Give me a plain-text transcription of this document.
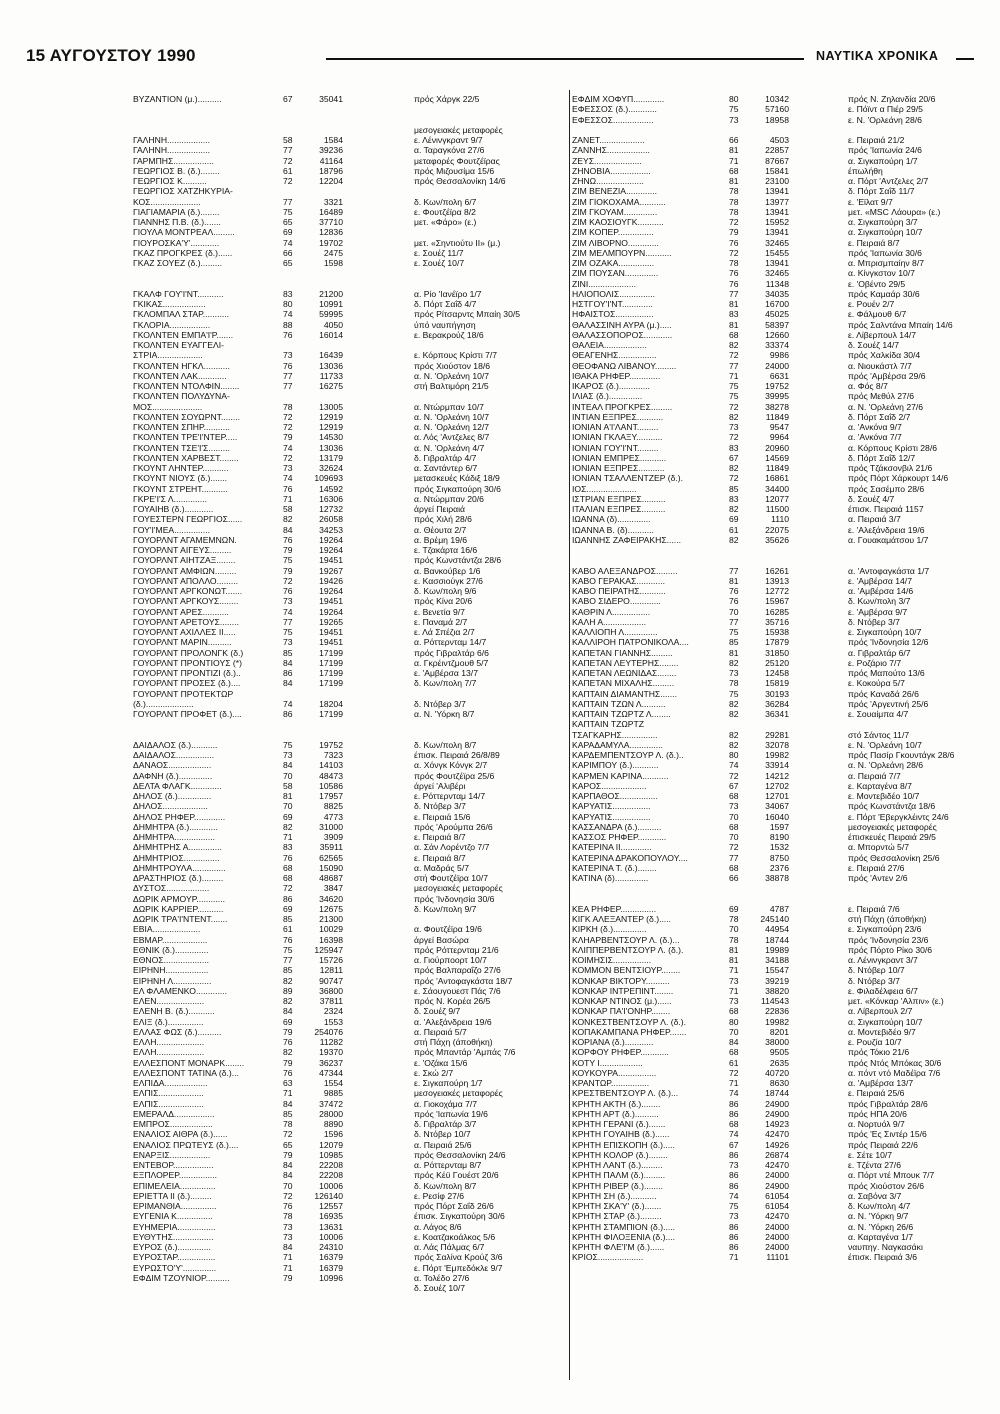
15 ΑΥΓΟΥΣΤΟΥ 1990	ΝΑΥΤΙΚΑ ΧΡΟΝΙΚΑ
ΒΥΖΑΝΤΙΟΝ (μ.)..........	67	35041	πρός Χάργκ 22/5
μεσογειακές μεταφορές
ΓΑΛΗΝΗ..................	58	1584	ε. Λένινγκραντ 9/7
ΓΑΛΗΝΗ..................	77	39236	α. Ταραγκόνα 27/6
ΓΑΡΜΠΗΣ.................	72	41164	μεταφορές Φουτζέϊρας
ΓΕΩΡΓΙΟΣ Β. (δ.)........	61	18796	πρός Μιζουσίμα 15/6
ΓΕΩΡΓΙΟΣ Κ..........	72	12204	πρός Θεσσαλονίκη 14/6
ΓΕΩΡΓΙΟΣ ΧΑΤΖΗΚΥΡΙΑ-
ΚΟΣ.....................	77	3321	δ. Κων/πολη 6/7
ΓΙΑΓΙΑΜΑΡΙΑ (δ.)........	75	16489	ε. Φουτζέϊρα 8/2
ΓΙΑΝΝΗΣ Π.Β. (δ.).......	65	37710	μετ. «Φάρο» (ε.)
ΓΙΟΥΛΑ ΜΟΝΤΡΕΑΛ.........	69	12836
ΓΙΟΥΡΟΣΚΑ'Υ'............	74	19702	μετ. «Σηντιούτυ ΙΙ» (μ.)
ΓΚΑΖ ΠΡΟΓΚΡΕΣ (δ.)......	66	2475	ε. Σουέζ 11/7
ΓΚΑΖ ΣΟΥΕΖ (δ.).........	65	1598	ε. Σουέζ 10/7
ΓΚΑΛΦ ΓΟΥ'Ι'ΝΤ...........	83	21200	α. Ρίο 'Ιανέϊρο 1/7
ΓΚΙΚΑΣ..................	80	10991	δ. Πόρτ Σαΐδ 4/7
ΓΚΛΟΜΠΑΛ ΣΤΑΡ...........	74	59995	πρός Ρίτσαρντς Μπαίη 30/5
ΓΚΛΟΡΙΑ.................	88	4050	ύπό ναυπήγηση
ΓΚΟΛΝΤΕΝ ΕΜΠΑ'Ι'Ρ.......	76	16014	ε. Βερακρούζ 18/6
ΓΚΟΛΝΤΕΝ ΕΥΑΓΓΕΛΙ-
ΣΤΡΙΑ...................	73	16439	ε. Κόρπους Κρίστι 7/7
ΓΚΟΛΝΤΕΝ ΗΓΚΛ...........	76	13036	πρός Χιούστον 18/6
ΓΚΟΛΝΤΕΝ ΛΑΚ............	77	11733	α. Ν. 'Ορλεάνη 10/7
ΓΚΟΛΝΤΕΝ ΝΤΟΛΦΙΝ........	77	16275	στή Βαλτιμόρη 21/5
ΓΚΟΛΝΤΕΝ ΠΟΛΥΔΥΝΑ-
ΜΟΣ.....................	78	13005	α. Ντώρμπαν 10/7
ΓΚΟΛΝΤΕΝ ΣΟΥΩΡΝΤ........	72	12919	α. Ν. 'Ορλεάνη 10/7
ΓΚΟΛΝΤΕΝ ΣΠΗΡ...........	72	12919	α. Ν. 'Ορλεάνη 12/7
ΓΚΟΛΝΤΕΝ ΤΡΕ'Ι'ΝΤΕΡ.....	79	14530	α. Λός 'Αντζελες 8/7
ΓΚΟΛΝΤΕΝ ΤΣΕ'Ι'Σ.........	74	13036	α. Ν. 'Ορλεάνη 4/7
ΓΚΟΛΝΤΕΝ ΧΑΡΒΕΣΤ........	72	13179	δ. Γιβραλτάρ 4/7
ΓΚΟΥΝΤ ΛΗΝΤΕΡ...........	73	32624	α. Σαντάντερ 6/7
ΓΚΟΥΝΤ ΝΙΟΥΣ (δ.).......	74	109693	μετασκευές Κάδιξ 18/9
ΓΚΟΥΝΤ ΣΤΡΕΗΤ...........	76	14592	πρός Σιγκαπούρη 30/6
ΓΚΡΕ'Ι'Σ Λ..............	71	16306	α. Ντώρμπαν 20/6
ΓΟΥΑΙΗΒ (δ.)............	58	12732	άργεί Πειραιά
ΓΟΥΕΣΤΕΡΝ ΓΕΩΡΓΙΟΣ......	82	26058	πρός Χιλή 28/6
ΓΟΥ'Ι'ΜΕΑ...............	84	34253	α. Θέουτα 2/7
ΓΟΥΟΡΛΝΤ ΑΓΑΜΕΜΝΩΝ.	76	19264	α. Βρέμη 19/6
ΓΟΥΟΡΛΝΤ ΑΙΓΕΥΣ.........	79	19264	ε. Τζακάρτα 16/6
ΓΟΥΟΡΛΝΤ ΑΙΗΤΖΑΞ........	75	19451	πρός Κωνστάντζα 28/6
ΓΟΥΟΡΛΝΤ ΑΜΦΙΩΝ.........	79	19267	α. Βανκούβερ 1/6
ΓΟΥΟΡΛΝΤ ΑΠΟΛΛΟ.........	72	19426	ε. Κασσιούγκ 27/6
ΓΟΥΟΡΛΝΤ ΑΡΓΚΟΝΩΤ.......	76	19264	δ. Κων/πολη 9/6
ΓΟΥΟΡΛΝΤ ΑΡΓΚΟΥΣ........	73	19451	πρός Κίνα 20/6
ΓΟΥΟΡΛΝΤ ΑΡΕΣ...........	74	19264	ε. Βενετία 9/7
ΓΟΥΟΡΛΝΤ ΑΡΕΤΟΥΣ........	77	19265	ε. Παναμά 2/7
ΓΟΥΟΡΛΝΤ ΑΧΙΛΛΕΣ ΙΙ.....	75	19451	ε. Λά Σπέζια 2/7
ΓΟΥΟΡΛΝΤ ΜΑΡΙΝ..........	73	19451	α. Ρόττερνταμ 14/7
ΓΟΥΟΡΛΝΤ ΠΡΟΛΟΝΓΚ (δ.)	85	17199	πρός Γιβραλτάρ 6/6
ΓΟΥΟΡΛΝΤ ΠΡΟΝΤΙΟΥΣ (*)	84	17199	α. Γκρέιντζμουθ 5/7
ΓΟΥΟΡΛΝΤ ΠΡΟΝΤΙΖΙ (δ.)..	86	17199	ε. 'Αμβέρσα 13/7
ΓΟΥΟΡΛΝΤ ΠΡΟΣΕΣ (δ.)....	84	17199	δ. Κων/πολη 7/7
ΓΟΥΟΡΛΝΤ ΠΡΟΤΕΚΤΩΡ
(δ.)....................	74	18204	δ. Ντόβερ 3/7
ΓΟΥΟΡΛΝΤ ΠΡΟΦΕΤ (δ.)....	86	17199	α. Ν. 'Υόρκη 8/7
ΔΑΙΔΑΛΟΣ (δ.)...........	75	19752	δ. Κων/πολη 8/7
ΔΑΙΔΑΛΟΣ................	73	7323	έπισκ. Πειραιά 26/8/89
ΔΑΝΑΟΣ..................	84	14103	α. Χόνγκ Κόνγκ 2/7
ΔΑΦΝΗ (δ.)..............	70	48473	πρός Φουτζέϊρα 25/6
ΔΕΛΤΑ ΦΛΑΓΚ.............	58	10586	άργεί 'Αλιβέρι
ΔΗΛΟΣ (δ.)..............	81	17957	ε. Ρόττερνταμ 14/7
ΔΗΛΟΣ...................	70	8825	δ. Ντόβερ 3/7
ΔΗΛΟΣ ΡΗΦΕΡ.............	69	4773	ε. Πειραιά 15/6
ΔΗΜΗΤΡΑ (δ.)............	82	31000	πρός 'Αρούμπα 26/6
ΔΗΜΗΤΡΑ.................	71	3909	ε. Πειραιά 8/7
ΔΗΜΗΤΡΗΣ Α..............	83	35911	α. Σάν Λορέντζο 7/7
ΔΗΜΗΤΡΙΟΣ...............	76	62565	ε. Πειραιά 8/7
ΔΗΜΗΤΡΟΥΛΑ..............	68	15090	α. Μαδράς 5/7
ΔΡΑΣΤΗΡΙΟΣ (δ.).........	68	48687	στή Φουτζέϊρα 10/7
ΔΥΣΤΟΣ..................	72	3847	μεσογειακές μεταφορές
ΔΩΡΙΚ ΑΡΜΟΥΡ............	86	34620	πρός 'Ινδονησία 30/6
ΔΩΡΙΚ ΚΑΡΡΙΕΡ...........	69	12675	δ. Κων/πολη 9/7
ΔΩΡΙΚ ΤΡΑ'Ι'ΝΤΕΝΤ.......	85	21300
ΕΒΙΑ....................	61	10029	α. Φουτζέϊρα 19/6
ΕΒΜΑΡ...................	76	16398	άργεί Βασώρα
ΕΘΝΙΚ (δ.)..............	75	125947	πρός Ρόττερνταμ 21/6
ΕΘΝΟΣ...................	77	15726	α. Γιούρποορτ 10/7
ΕΙΡΗΝΗ..................	85	12811	πρός Βαλπαραΐζο 27/6
ΕΙΡΗΝΗ Λ................	82	90747	πρός 'Αντοφαγκάστα 18/7
ΕΛ ΦΛΑΜΕΝΚΟ.............	89	36800	ε. Σάουγουεστ Πάς 7/6
ΕΛΕΝ....................	82	37811	πρός Ν. Κορέα 26/5
ΕΛΕΝΗ Β. (δ.)...........	84	2324	δ. Σουέζ 9/7
ΕΛΙΞ (δ.)...............	69	1553	α. 'Αλεξάνδρεια 19/6
ΕΛΛΑΣ ΦΩΣ (δ.)..........	79	254076	α. Πειραιά 5/7
ΕΛΛΗ....................	76	11282	στή Πάχη (άποθήκη)
ΕΛΛΗ....................	82	19370	πρός Μπαντάρ 'Αμπάς 7/6
ΕΛΛΕΣΠΟΝΤ ΜΟΝΑΡΚ........	79	36237	ε. 'Οζάκα 15/6
ΕΛΛΕΣΠΟΝΤ ΤΑΤΙΝΑ (δ.)...	76	47344	ε. Σκώ 2/7
ΕΛΠΙΔΑ..................	63	1554	ε. Σιγκαπούρη 1/7
ΕΛΠΙΣ...................	71	9885	μεσογειακές μεταφορές
ΕΛΠΙΣ...................	84	37472	α. Γιοκοχάμα 7/7
ΕΜΕΡΑΛΔ.................	85	28000	πρός 'Ιαπωνία 19/6
ΕΜΠΡΟΣ..................	78	8890	δ. Γιβραλτάρ 3/7
ΕΝΑΛΙΟΣ ΑΙΘΡΑ (δ.)......	72	1596	δ. Ντόβερ 10/7
ΕΝΑΛΙΟΣ ΠΡΩΤΕΥΣ (δ.)....	65	12079	α. Πειραιά 25/6
ΕΝΑΡΞΙΣ.................	79	10985	πρός Θεσσαλονίκη 24/6
ΕΝΤΕΒΟΡ.................	84	22208	α. Ρόττερνταμ 8/7
ΕΞΠΛΟΡΕΡ................	84	22208	πρός Κέϋ Γουέστ 20/6
ΕΠΙΜΕΛΕΙΑ...............	70	10006	δ. Κων/πολη 8/7
ΕΡΙΕΤΤΑ ΙΙ (δ.).........	72	126140	ε. Ρεσίφ 27/6
ΕΡΙΜΑΝΘΙΑ...............	76	12557	πρός Πόρτ Σαΐδ 26/6
ΕΥΓΕΝΙΑ Κ...............	78	16935	έπισκ. Σιγκαπούρη 30/6
ΕΥΗΜΕΡΙΑ................	73	13631	α. Λάγος 8/6
ΕΥΘΥΤΗΣ.................	73	10006	ε. Κοατζακοάλκος 5/6
ΕΥΡΟΣ (δ.)..............	84	24310	α. Λάς Πάλμας 6/7
ΕΥΡΟΣΤΑΡ................	71	16379	πρός Σαλίνα Κρούζ 3/6
ΕΥΡΩΣΤΟ'Υ'..............	71	16379	ε. Πόρτ 'Εμπεδόκλε 9/7
ΕΦΔΙΜ ΤΖΟΥΝΙΟΡ..........	79	10996	α. Τολέδο 27/6
δ. Σουέζ 10/7
ΕΦΔΙΜ ΧΟΦΥΠ.............	80	10342	πρός Ν. Ζηλανδία 20/6
ΕΦΕΣΣΟΣ (δ.)............	75	57160	ε. Πόϊντ α Πιέρ 29/5
ΕΦΕΣΣΟΣ.................	73	18958	ε. Ν. 'Ορλεάνη 28/6
ΖΑΝΕΤ...................	66	4503	ε. Πειραιά 21/2
ΖΑΝΝΗΣ..................	81	22857	πρός 'Ιαπωνία 24/6
ΖΕΥΣ....................	71	87667	α. Σιγκαπούρη 1/7
ΖΗΝΟΒΙΑ.................	68	15841	έπωλήθη
ΖΗΝΩ....................	81	23100	α. Πόρτ 'Αντζελες 2/7
ΖΙΜ ΒΕΝΕΖΙΑ.............	78	13941	δ. Πόρτ Σαΐδ 11/7
ΖΙΜ ΓΙΟΚΟΧΑΜΑ...........	78	13977	ε. 'Εϊλατ 9/7
ΖΙΜ ΓΚΟΥΑΜ..............	78	13941	μετ. «MSC Λάουρα» (ε.)
ΖΙΜ ΚΑΟΣΙΟΥΓΚ...........	72	15952	α. Σιγκαπούρη 3/7
ΖΙΜ ΚΟΠΕΡ...............	79	13941	α. Σιγκαπούρη 10/7
ΖΙΜ ΛΙΒΟΡΝΟ.............	76	32465	ε. Πειραιά 8/7
ΖΙΜ ΜΕΛΜΠΟΥΡΝ...........	72	15455	πρός 'Ιαπωνία 30/6
ΖΙΜ ΟΖΑΚΑ...............	78	13941	α. Μπρισμπαίην 8/7
ΖΙΜ ΠΟΥΣΑΝ..............	76	32465	α. Κίνγκστον 10/7
ΖΙΝΙ....................	76	11348	ε. 'Οβέντο 29/5
ΗΛΙΟΠΟΛΙΣ...............	77	34035	πρός Καμαάρ 30/6
ΗΣΤΓΟΥ'Ι'ΝΤ.............	81	16700	ε. Ρουέν 2/7
ΗΦΑΙΣΤΟΣ................	83	45025	ε. Φάλμουθ 6/7
ΘΑΛΑΣΣΙΝΗ ΑΥΡΑ (μ.).....	81	58397	πρός Σαλντάνα Μπαίη 14/6
ΘΑΛΑΣΣΟΠΟΡΟΣ............	68	12660	ε. Λίβερπουλ 14/7
ΘΑΛΕΙΑ..................	82	33374	δ. Σουέζ 14/7
ΘΕΑΓΕΝΗΣ................	72	9986	πρός Χαλκίδα 30/4
ΘΕΟΦΑΝΩ ΛΙΒΑΝΟΥ.........	77	24000	α. Νιουκάστλ 7/7
ΙΘΑΚΑ ΡΗΦΕΡ.............	71	6631	πρός 'Αμβέρσα 29/6
ΙΚΑΡΟΣ (δ.).............	75	19752	α. Φός 8/7
ΙΛΙΑΣ (δ.)..............	75	39995	πρός Μεθύλ 27/6
ΙΝΤΕΑΛ ΠΡΟΓΚΡΕΣ.........	72	38278	α. Ν. 'Ορλεάνη 27/6
ΙΝΤΙΑΝ ΕΞΠΡΕΣ...........	82	11849	δ. Πόρτ Σαΐδ 2/7
ΙΟΝΙΑΝ Α'Ι'ΛΑΝΤ.........	73	9547	α. 'Ανκόνα 9/7
ΙΟΝΙΑΝ ΓΚΛΑΞΥ...........	72	9964	α. 'Ανκόνα 7/7
ΙΟΝΙΑΝ ΓΟΥ'Ι'ΝΤ.........	83	20960	α. Κόρπους Κρίστι 28/6
ΙΟΝΙΑΝ ΕΜΠΡΕΣ...........	67	14569	δ. Πόρτ Σαΐδ 12/7
ΙΟΝΙΑΝ ΕΞΠΡΕΣ...........	82	11849	πρός Τζάκσονβιλ 21/6
ΙΟΝΙΑΝ ΤΣΑΛΛΕΝΤΖΕΡ (δ.).	72	16861	πρός Πόρτ Χάρκουρτ 14/6
ΙΟΣ.....................	85	34400	πρός Σασέμπο 28/6
ΙΣΤΡΙΑΝ ΕΞΠΡΕΣ..........	83	12077	δ. Σουέζ 4/7
ΙΤΑΛΙΑΝ ΕΞΠΡΕΣ..........	82	11500	έπισκ. Πειραιά 1157
ΙΩΑΝΝΑ (δ)..............	69	1110	α. Πειραιά 3/7
ΙΩΑΝΝΑ Β. (δ)...........	61	22075	ε. 'Αλεξάνδρεια 19/6
ΙΩΑΝΝΗΣ ΖΑΦΕΙΡΑΚΗΣ......	82	35626	α. Γουακαμάτσου 1/7
ΚΑΒΟ ΑΛΕΞΑΝΔΡΟΣ.........	77	16261	α. 'Αντοφαγκάστα 1/7
ΚΑΒΟ ΓΕΡΑΚΑΣ............	81	13913	ε. 'Αμβέρσα 14/7
ΚΑΒΟ ΠΕΙΡΑΤΗΣ...........	76	12772	α. 'Αμβέρσα 14/6
ΚΑΒΟ ΣΙΔΕΡΟ.............	76	15967	δ. Κων/πολη 3/7
ΚΑΘΡΙΝ Λ................	70	16285	ε. 'Αμβέρσα 9/7
ΚΑΛΗ Α..................	77	35716	δ. Ντόβερ 3/7
ΚΑΛΛΙΟΠΗ Λ..............	75	15938	ε. Σιγκαπούρη 10/7
ΚΑΛΛΙΡΟΗ ΠΑΤΡΟΝΙΚΟΛΑ....	85	17879	πρός 'Ινδονησία 12/6
ΚΑΠΕΤΑΝ ΓΙΑΝΝΗΣ.........	81	31850	α. Γιβραλτάρ 6/7
ΚΑΠΕΤΑΝ ΛΕΥΤΕΡΗΣ........	82	25120	ε. Ροζάριο 7/7
ΚΑΠΕΤΑΝ ΛΕΩΝΙΔΑΣ........	73	12458	πρός Μαπούτο 13/6
ΚΑΠΕΤΑΝ ΜΙΧΑΛΗΣ.........	78	15819	ε. Κοκούρα 5/7
ΚΑΠΤΑΙΝ ΔΙΑΜΑΝΤΗΣ.......	75	30193	πρός Καναδά 26/6
ΚΑΠΤΑΙΝ ΤΖΩΝ Λ..........	82	36284	πρός 'Αργεντινή 25/6
ΚΑΠΤΑΙΝ ΤΖΩΡΤΖ Λ........	82	36341	ε. Σουαίμπα 4/7
ΚΑΠΤΑΙΝ ΤΖΩΡΤΖ
ΤΣΑΓΚΑΡΗΣ...............	82	29281	στό Σάντος 11/7
ΚΑΡΑΔΑΜΥΛΑ..............	82	32078	ε. Ν. 'Ορλεάνη 10/7
ΚΑΡΔΕΜΠΕΝΤΣΟΥΡ Λ. (δ.)..	80	19982	πρός Πασίρ Γκουντάγκ 28/6
ΚΑΡΙΜΠΟΥ (δ.)...........	74	33914	α. Ν. 'Ορλεάνη 28/6
ΚΑΡΜΕΝ ΚΑΡΙΝΑ...........	72	14212	α. Πειραιά 7/7
ΚΑΡΟΣ...................	67	12702	ε. Καρταγένα 8/7
ΚΑΡΠΑΘΟΣ................	68	12701	ε. Μοντεβιδέο 10/7
ΚΑΡΥΑΤΙΣ................	73	34067	πρός Κωνστάντζα 18/6
ΚΑΡΥΑΤΙΣ................	70	16040	ε. Πόρτ 'Εβεργκλέιντς 24/6
ΚΑΣΣΑΝΔΡΑ (δ.)..........	68	1597	μεσογειακές μεταφορές
ΚΑΣΣΟΣ ΡΗΦΕΡ............	70	8190	έπισκευές Πειραιά 29/5
ΚΑΤΕΡΙΝΑ ΙΙ.............	72	1532	α. Μπορντώ 5/7
ΚΑΤΕΡΙΝΑ ΔΡΑΚΟΠΟΥΛΟΥ....	77	8750	πρός Θεσσαλονίκη 25/6
ΚΑΤΕΡΙΝΑ Τ. (δ.)........	68	2376	ε. Πειραιά 27/6
ΚΑΤΙΝΑ (δ)..............	66	38878	πρός 'Αντεν 2/6
ΚΕΑ ΡΗΦΕΡ...............	69	4787	ε. Πειραιά 7/6
ΚΙΓΚ ΑΛΕΞΑΝΤΕΡ (δ.).....	78	245140	στή Πάχη (άποθήκη)
ΚΙΡΚΗ (δ.)..............	70	44954	ε. Σιγκαπούρη 23/6
ΚΛΗΑΡΒΕΝΤΣΟΥΡ Λ. (δ.)...	78	18744	πρός 'Ινδονησία 23/6
ΚΛΙΠΠΕΡΒΕΝΤΣΟΥΡ Λ. (δ.).	81	19989	πρός Πόρτο Ρίκο 30/6
ΚΟΙΜΗΣΙΣ................	81	34188	α. Λένινγκραντ 3/7
ΚΟΜΜΟΝ ΒΕΝΤΣΙΟΥΡ........	71	15547	δ. Ντόβερ 10/7
ΚΟΝΚΑΡ ΒΙΚΤΟΡΥ..........	73	39219	δ. Ντόβερ 3/7
ΚΟΝΚΑΡ ΙΝΤΡΕΠΙΝΤ........	71	38820	ε. Φιλαδέλφεια 6/7
ΚΟΝΚΑΡ ΝΤΙΝΟΣ (μ.)......	73	114543	μετ. «Κόνκαρ 'Αλπιν» (ε.)
ΚΟΝΚΑΡ ΠΑ'Ι'ΟΝΗΡ........	68	22836	α. Λίβερπουλ 2/7
ΚΟΝΚΕΣΤΒΕΝΤΣΟΥΡ Λ. (δ.).	80	19982	α. Σιγκαπούρη 10/7
ΚΟΠΑΚΑΜΠΑΝΑ ΡΗΦΕΡ.......	70	8201	α. Μοντεβιδέο 9/7
ΚΟΡΙΑΝΑ (δ.)............	84	38000	ε. Ρουζία 10/7
ΚΟΡΦΟΥ ΡΗΦΕΡ............	68	9505	πρός Τόκιο 21/6
ΚΟΤΥ Ι..................	61	2635	πρός Ντός Μπόκας 30/6
ΚΟΥΚΟΥΡΑ................	72	40720	α. πόντ ντό Μαδέϊρα 7/6
ΚΡΑΝΤΩΡ................	71	8630	α. 'Αμβέρσα 13/7
ΚΡΕΣΤΒΕΝΤΣΟΥΡ Λ. (δ.)...	74	18744	ε. Πειραιά 25/6
ΚΡΗΤΗ ΑΚΤΗ (δ.)........	86	24900	πρός Γιβραλτάρ 28/6
ΚΡΗΤΗ ΑΡΤ (δ.)..........	86	24900	πρός ΗΠΑ 20/6
ΚΡΗΤΗ ΓΕΡΑΝΙ (δ.).......	68	14923	α. Νορτυόλ 9/7
ΚΡΗΤΗ ΓΟΥΑΙΗΒ (δ.)......	74	42470	πρός 'Ες Σιντέρ 15/6
ΚΡΗΤΗ ΕΠΙΣΚΟΠΗ (δ.).....	67	14926	πρός Πειραιά 22/6
ΚΡΗΤΗ ΚΟΛΟΡ (δ.)........	86	26874	ε. Σέτε 10/7
ΚΡΗΤΗ ΛΑΝΤ (δ.).........	73	42470	ε. Τζέντα 27/6
ΚΡΗΤΗ ΠΑΛΜ (δ.).........	86	24000	α. Πόρτ ντέ Μπουκ 7/7
ΚΡΗΤΗ ΡΙΒΕΡ (δ.)........	86	24900	πρός Χιούστον 26/6
ΚΡΗΤΗ ΣΗ (δ.)...........	74	61054	α. Σαβόνα 3/7
ΚΡΗΤΗ ΣΚΑ'Υ' (δ.).......	75	61054	δ. Κων/πολη 4/7
ΚΡΗΤΗ ΣΤΑΡ (δ.).........	73	42470	α. Ν. 'Υόρκη 9/7
ΚΡΗΤΗ ΣΤΑΜΠΙΟΝ (δ.).....	86	24000	α. Ν. 'Υόρκη 26/6
ΚΡΗΤΗ ΦΙΛΟΞΕΝΙΑ (δ.)....	86	24000	α. Καρταγένα 1/7
ΚΡΗΤΗ ΦΛΕ'Ι'Μ (δ.)......	86	24000	ναυπηγ. Ναγκασάκι
ΚΡΙΟΣ...................	71	11101	έπισκ. Πειραιά 3/6
